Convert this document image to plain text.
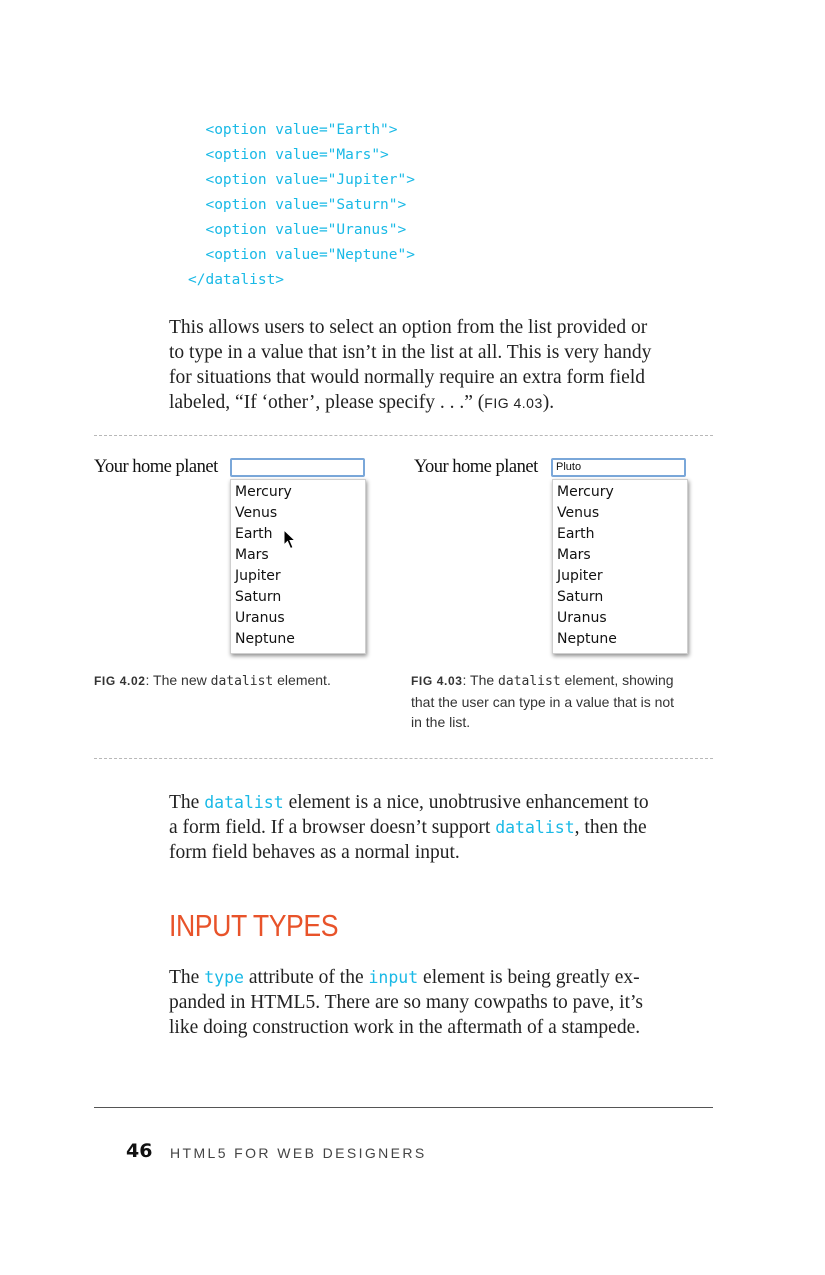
<option value="Earth">
<option value="Mars">
<option value="Jupiter">
<option value="Saturn">
<option value="Uranus">
<option value="Neptune">
</datalist>

This allows users to select an option from the list provided or

to type in a value that isn’t in the list at all. This is very handy

for situations that would normally require an extra form field

labeled, “If ‘other’, please specify . . .” (FIG 4.03).

Your home planet
Mercury
Venus
Earth
Mars
Jupiter
Saturn
Uranus
Neptune
Your home planet	Pluto
Mercury
Venus
Earth
Mars
Jupiter
Saturn
Uranus
Neptune
FIG 4.02: The new datalist element.	FIG 4.03: The datalist element, showing
that the user can type in a value that is not
in the list.

The datalist element is a nice, unobtrusive enhancement to

a form field. If a browser doesn’t support datalist, then the

form field behaves as a normal input.

INPUT TYPES

The type attribute of the input element is being greatly ex-

panded in HTML5. There are so many cowpaths to pave, it’s

like doing construction work in the aftermath of a stampede.

46 HTML5 FOR WEB DESIGNERS
